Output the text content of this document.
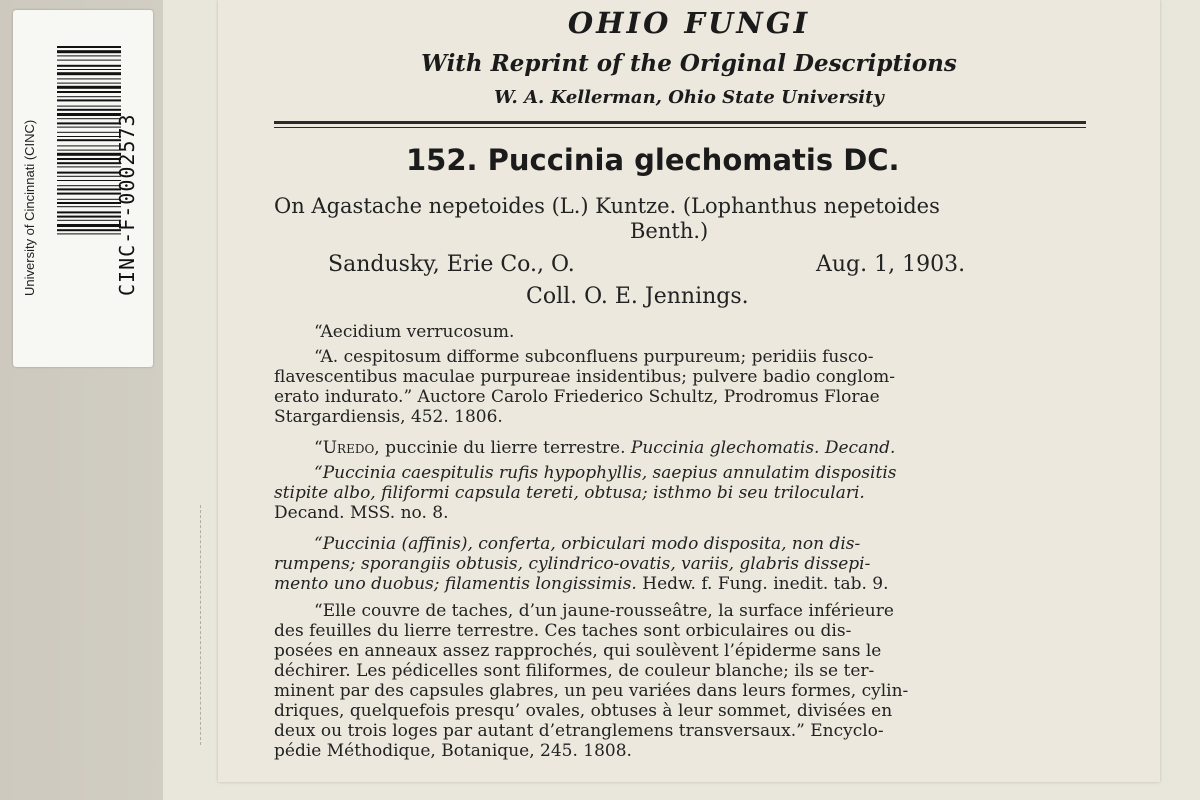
University of Cincinnati (CINC)	CINC-F-0002573
OHIO FUNGI
With Reprint of the Original Descriptions
W. A. Kellerman, Ohio State University
152. Puccinia glechomatis DC.
On Agastache nepetoides (L.) Kuntze. (Lophanthus nepetoides
Benth.)
Sandusky, Erie Co., O.	Aug. 1, 1903.
Coll. O. E. Jennings.
“Aecidium verrucosum.
“A. cespitosum difforme subconfluens purpureum; peridiis fusco-
flavescentibus maculae purpureae insidentibus; pulvere badio conglom-
erato indurato.” Auctore Carolo Friederico Schultz, Prodromus Florae
Stargardiensis, 452. 1806.
“Uredo, puccinie du lierre terrestre. Puccinia glechomatis. Decand.
“Puccinia caespitulis rufis hypophyllis, saepius annulatim dispositis
stipite albo, filiformi capsula tereti, obtusa; isthmo bi seu triloculari.
Decand. MSS. no. 8.
“Puccinia (affinis), conferta, orbiculari modo disposita, non dis-
rumpens; sporangiis obtusis, cylindrico-ovatis, variis, glabris dissepi-
mento uno duobus; filamentis longissimis. Hedw. f. Fung. inedit. tab. 9.
“Elle couvre de taches, d’un jaune-rousseâtre, la surface inférieure
des feuilles du lierre terrestre. Ces taches sont orbiculaires ou dis-
posées en anneaux assez rapprochés, qui soulèvent l’épiderme sans le
déchirer. Les pédicelles sont filiformes, de couleur blanche; ils se ter-
minent par des capsules glabres, un peu variées dans leurs formes, cylin-
driques, quelquefois presqu’ ovales, obtuses à leur sommet, divisées en
deux ou trois loges par autant d’etranglemens transversaux.” Encyclo-
pédie Méthodique, Botanique, 245. 1808.
